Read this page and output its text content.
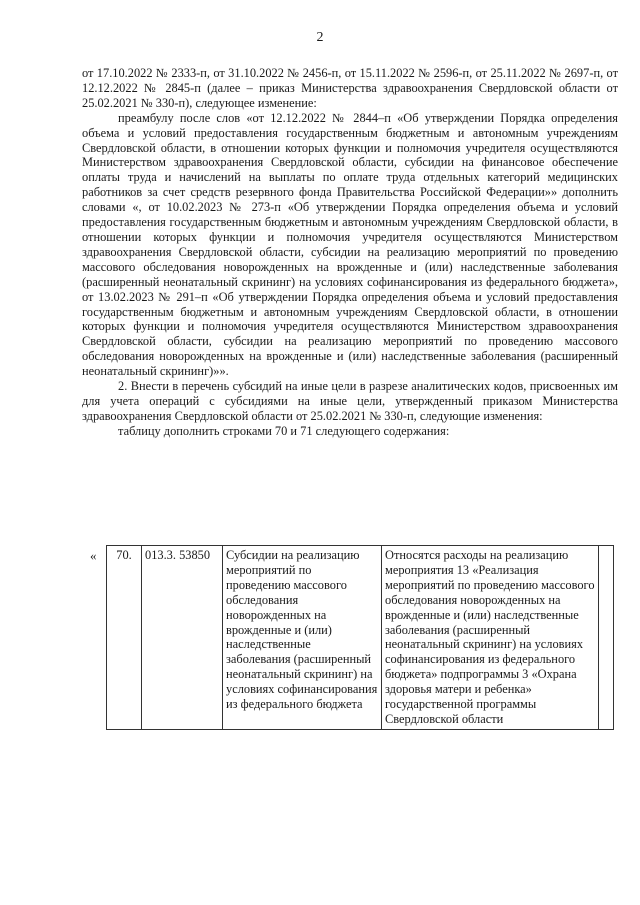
2

от 17.10.2022 № 2333-п, от 31.10.2022 № 2456-п, от 15.11.2022 № 2596-п, от 25.11.2022 № 2697-п, от 12.12.2022 № 2845-п (далее – приказ Министерства здравоохранения Свердловской области от 25.02.2021 № 330-п), следующее изменение:

преамбулу после слов «от 12.12.2022 № 2844–п «Об утверждении Порядка определения объема и условий предоставления государственным бюджетным и автономным учреждениям Свердловской области, в отношении которых функции и полномочия учредителя осуществляются Министерством здравоохранения Свердловской области, субсидии на финансовое обеспечение оплаты труда и начислений на выплаты по оплате труда отдельных категорий медицинских работников за счет средств резервного фонда Правительства Российской Федерации»» дополнить словами «, от 10.02.2023 № 273-п «Об утверждении Порядка определения объема и условий предоставления государственным бюджетным и автономным учреждениям Свердловской области, в отношении которых функции и полномочия учредителя осуществляются Министерством здравоохранения Свердловской области, субсидии на реализацию мероприятий по проведению массового обследования новорожденных на врожденные и (или) наследственные заболевания (расширенный неонатальный скрининг) на условиях софинансирования из федерального бюджета», от 13.02.2023 № 291–п «Об утверждении Порядка определения объема и условий предоставления государственным бюджетным и автономным учреждениям Свердловской области, в отношении которых функции и полномочия учредителя осуществляются Министерством здравоохранения Свердловской области, субсидии на реализацию мероприятий по проведению массового обследования новорожденных на врожденные и (или) наследственные заболевания (расширенный неонатальный скрининг)»».

2. Внести в перечень субсидий на иные цели в разрезе аналитических кодов, присвоенных им для учета операций с субсидиями на иные цели, утвержденный приказом Министерства здравоохранения Свердловской области от 25.02.2021 № 330-п, следующие изменения:

таблицу дополнить строками 70 и 71 следующего содержания:

« 70.	013.3. 53850	Субсидии на реализацию мероприятий по проведению массового обследования новорожденных на врожденные и (или) наследственные заболевания (расширенный неонатальный скрининг) на условиях софинансирования из федерального бюджета	Относятся расходы на реализацию мероприятия 13 «Реализация мероприятий по проведению массового обследования новорожденных на врожденные и (или) наследственные заболевания (расширенный неонатальный скрининг) на условиях софинансирования из федерального бюджета» подпрограммы 3 «Охрана здоровья матери и ребенка» государственной программы Свердловской области	
